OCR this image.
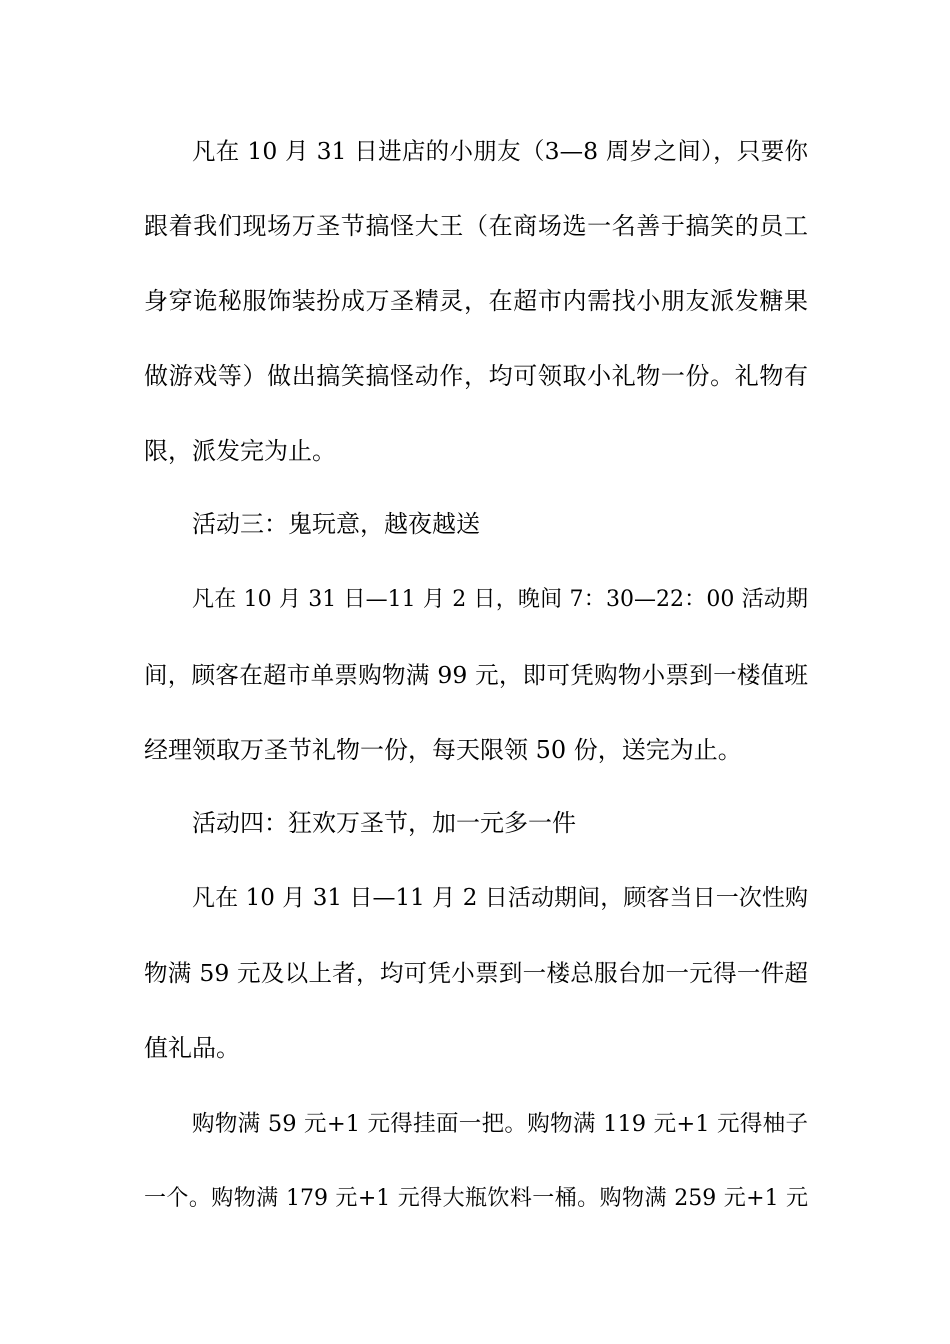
凡在 10 月 31 日进店的小朋友（3—8 周岁之间），只要你
跟着我们现场万圣节搞怪大王（在商场选一名善于搞笑的员工
身穿诡秘服饰装扮成万圣精灵，在超市内需找小朋友派发糖果
做游戏等）做出搞笑搞怪动作，均可领取小礼物一份。礼物有
限，派发完为止。
活动三：鬼玩意，越夜越送
凡在 10 月 31 日—11 月 2 日，晚间 7：30—22：00 活动期
间，顾客在超市单票购物满 99 元，即可凭购物小票到一楼值班
经理领取万圣节礼物一份，每天限领 50 份，送完为止。
活动四：狂欢万圣节，加一元多一件
凡在 10 月 31 日—11 月 2 日活动期间，顾客当日一次性购
物满 59 元及以上者，均可凭小票到一楼总服台加一元得一件超
值礼品。
购物满 59 元+1 元得挂面一把。购物满 119 元+1 元得柚子
一个。购物满 179 元+1 元得大瓶饮料一桶。购物满 259 元+1 元
